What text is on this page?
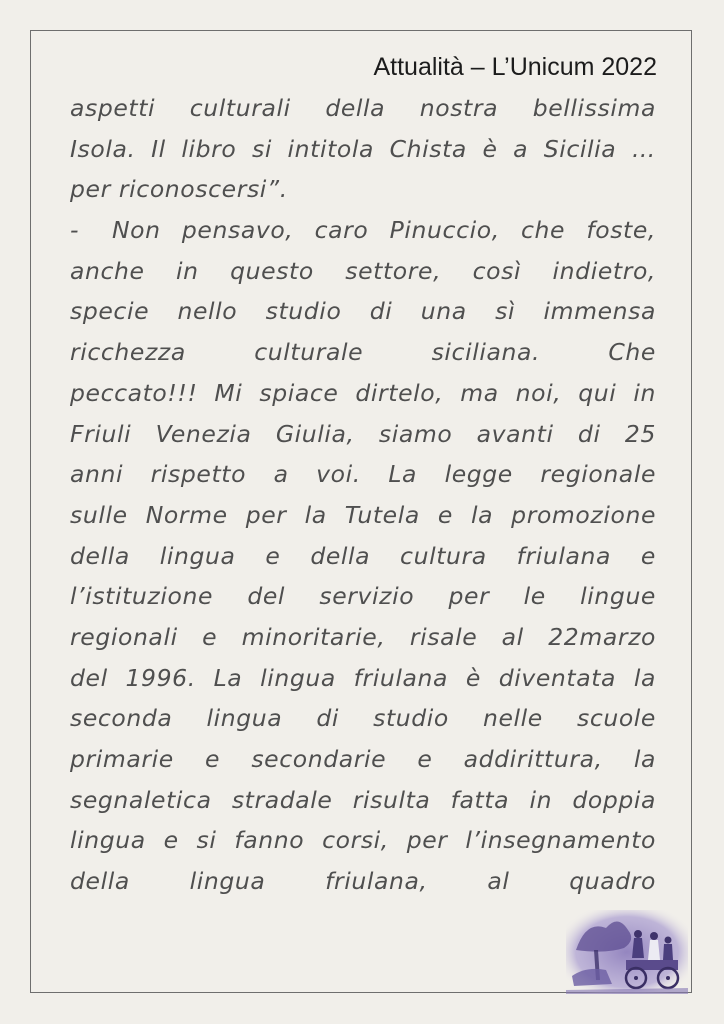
Attualità – L’Unicum 2022
aspetti culturali della nostra bellissima
Isola. Il libro si intitola Chista è a Sicilia …
per riconoscersi”.
-	Non pensavo, caro Pinuccio, che foste,
anche in questo settore, così indietro,
specie nello studio di una sì immensa
ricchezza culturale siciliana. Che
peccato!!! Mi spiace dirtelo, ma noi, qui in
Friuli Venezia Giulia, siamo avanti di 25
anni rispetto a voi. La legge regionale
sulle Norme per la Tutela e la promozione
della lingua e della cultura friulana e
l’istituzione del servizio per le lingue
regionali e minoritarie, risale al 22marzo
del 1996. La lingua friulana è diventata la
seconda lingua di studio nelle scuole
primarie e secondarie e addirittura, la
segnaletica stradale risulta fatta in doppia
lingua e si fanno corsi, per l’insegnamento
della lingua friulana, al quadro
